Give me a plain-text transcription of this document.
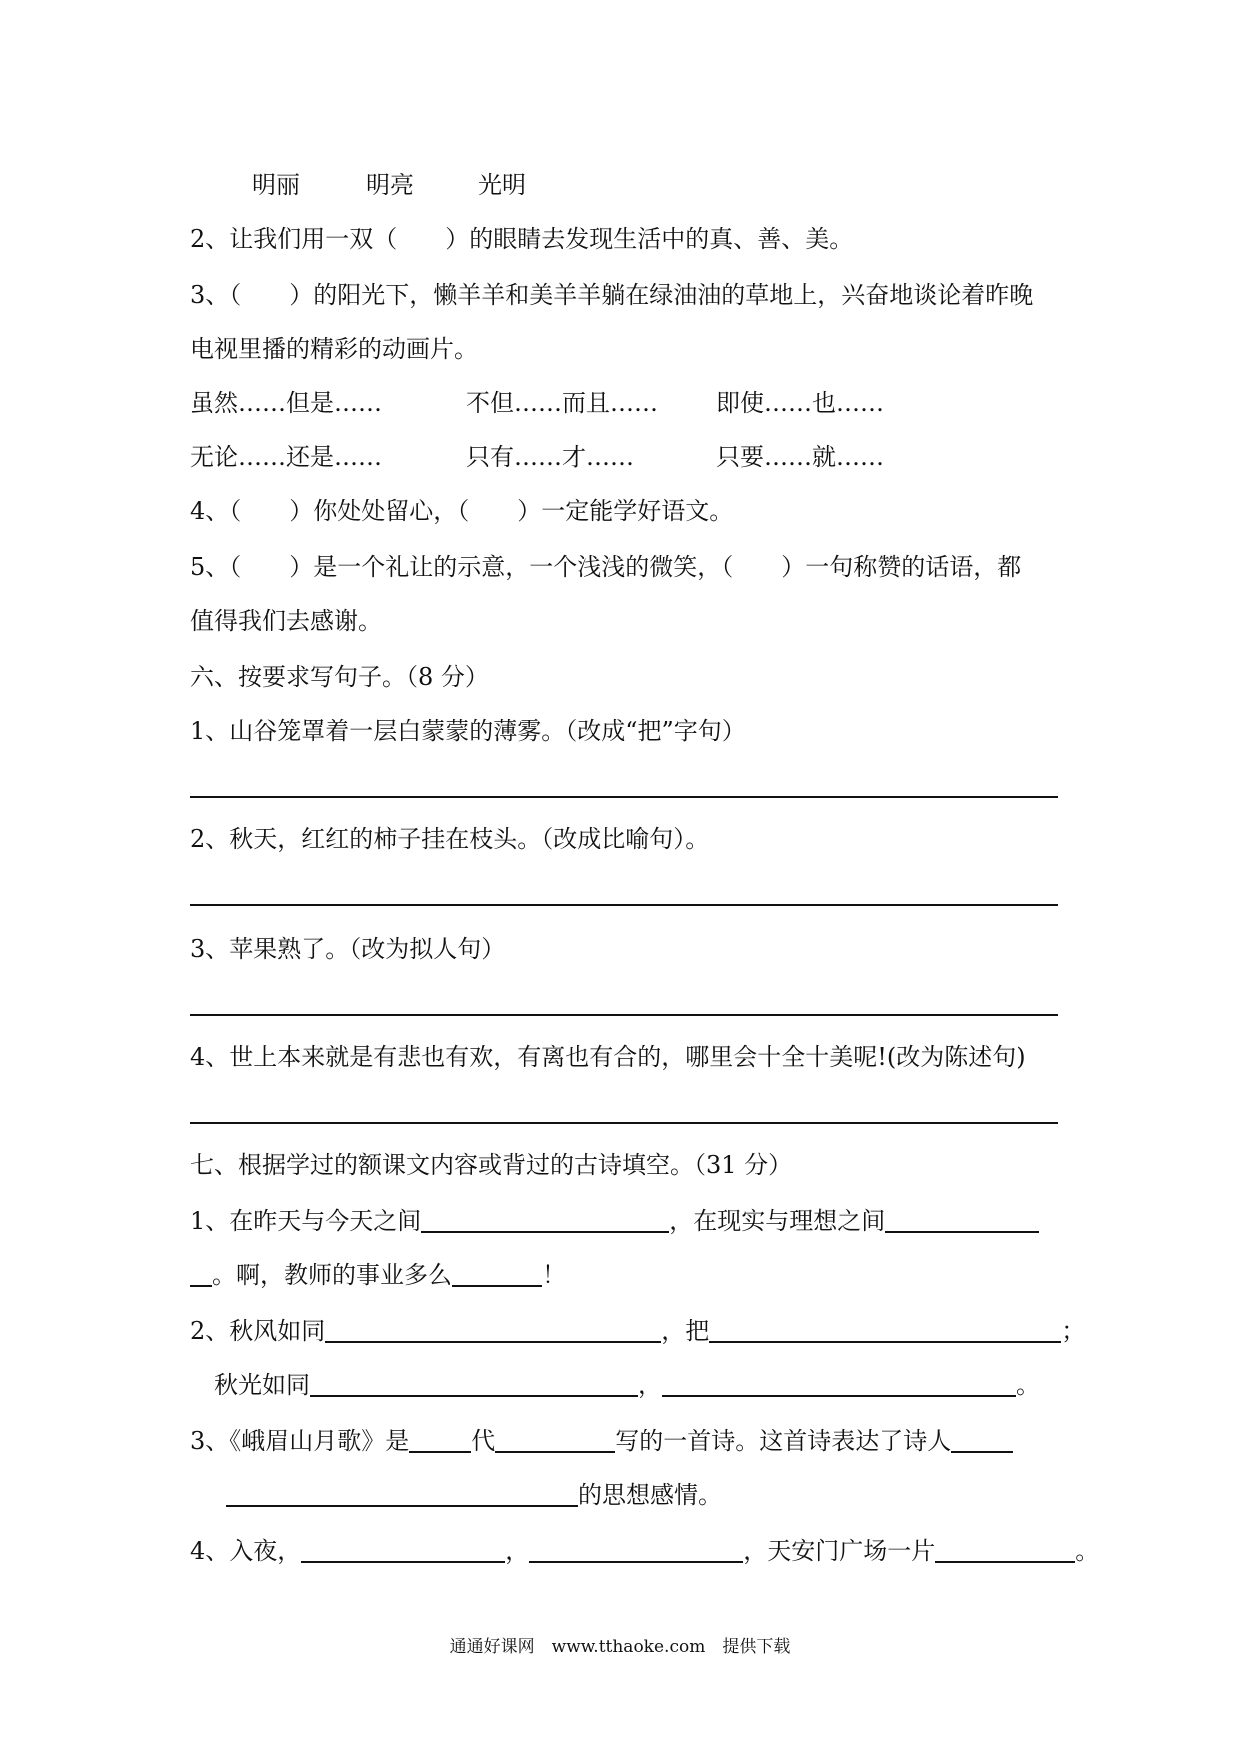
明丽	明亮	光明
2、让我们用一双（　　）的眼睛去发现生活中的真、善、美。
3、（　　）的阳光下，懒羊羊和美羊羊躺在绿油油的草地上，兴奋地谈论着昨晚
电视里播的精彩的动画片。
虽然……但是……	不但……而且…… 即使……也……
无论……还是……	只有……才……	只要……就……
4、（　　）你处处留心，（　　）一定能学好语文。
5、（　　）是一个礼让的示意，一个浅浅的微笑，（　　）一句称赞的话语，都
值得我们去感谢。
六、按要求写句子。（8 分）
1、山谷笼罩着一层白蒙蒙的薄雾。（改成“把”字句）
2、秋天，红红的柿子挂在枝头。（改成比喻句）。
3、苹果熟了。（改为拟人句）
4、世上本来就是有悲也有欢，有离也有合的，哪里会十全十美呢!(改为陈述句)
七、根据学过的额课文内容或背过的古诗填空。（31 分）
1、在昨天与今天之间	，在现实与理想之间
。啊，教师的事业多么	！
2、秋风如同	，把	；
秋光如同	，	。
3、《峨眉山月歌》是	代	写的一首诗。这首诗表达了诗人
的思想感情。
4、入夜，	，	，天安门广场一片	。
通通好课网　www.tthaoke.com　提供下载
